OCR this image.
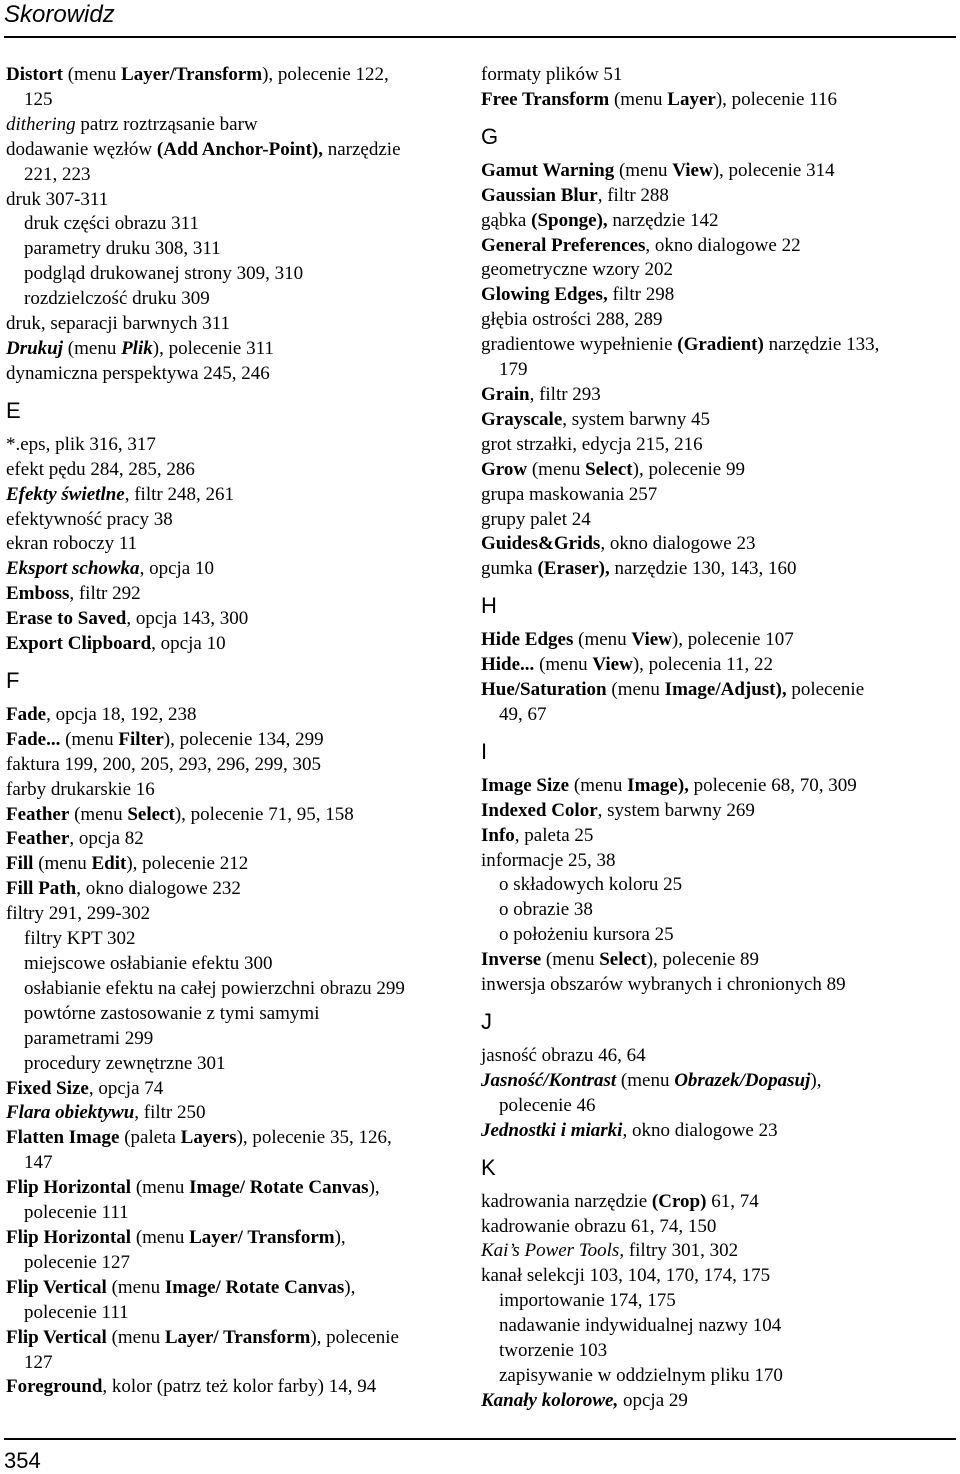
Skorowidz
Distort (menu Layer/Transform), polecenie 122,
125
dithering patrz roztrząsanie barw
dodawanie węzłów (Add Anchor-Point), narzędzie
221, 223
druk 307-311
druk części obrazu 311
parametry druku 308, 311
podgląd drukowanej strony 309, 310
rozdzielczość druku 309
druk, separacji barwnych 311
Drukuj (menu Plik), polecenie 311
dynamiczna perspektywa 245, 246
E
*.eps, plik 316, 317
efekt pędu 284, 285, 286
Efekty świetlne, filtr 248, 261
efektywność pracy 38
ekran roboczy 11
Eksport schowka, opcja 10
Emboss, filtr 292
Erase to Saved, opcja 143, 300
Export Clipboard, opcja 10
F
Fade, opcja 18, 192, 238
Fade... (menu Filter), polecenie 134, 299
faktura 199, 200, 205, 293, 296, 299, 305
farby drukarskie 16
Feather (menu Select), polecenie 71, 95, 158
Feather, opcja 82
Fill (menu Edit), polecenie 212
Fill Path, okno dialogowe 232
filtry 291, 299-302
filtry KPT 302
miejscowe osłabianie efektu 300
osłabianie efektu na całej powierzchni obrazu 299
powtórne zastosowanie z tymi samymi
parametrami 299
procedury zewnętrzne 301
Fixed Size, opcja 74
Flara obiektywu, filtr 250
Flatten Image (paleta Layers), polecenie 35, 126,
147
Flip Horizontal (menu Image/ Rotate Canvas),
polecenie 111
Flip Horizontal (menu Layer/ Transform),
polecenie 127
Flip Vertical (menu Image/ Rotate Canvas),
polecenie 111
Flip Vertical (menu Layer/ Transform), polecenie
127
Foreground, kolor (patrz też kolor farby) 14, 94
formaty plików 51
Free Transform (menu Layer), polecenie 116
G
Gamut Warning (menu View), polecenie 314
Gaussian Blur, filtr 288
gąbka (Sponge), narzędzie 142
General Preferences, okno dialogowe 22
geometryczne wzory 202
Glowing Edges, filtr 298
głębia ostrości 288, 289
gradientowe wypełnienie (Gradient) narzędzie 133,
179
Grain, filtr 293
Grayscale, system barwny 45
grot strzałki, edycja 215, 216
Grow (menu Select), polecenie 99
grupa maskowania 257
grupy palet 24
Guides&Grids, okno dialogowe 23
gumka (Eraser), narzędzie 130, 143, 160
H
Hide Edges (menu View), polecenie 107
Hide... (menu View), polecenia 11, 22
Hue/Saturation (menu Image/Adjust), polecenie
49, 67
I
Image Size (menu Image), polecenie 68, 70, 309
Indexed Color, system barwny 269
Info, paleta 25
informacje 25, 38
o składowych koloru 25
o obrazie 38
o położeniu kursora 25
Inverse (menu Select), polecenie 89
inwersja obszarów wybranych i chronionych 89
J
jasność obrazu 46, 64
Jasność/Kontrast (menu Obrazek/Dopasuj),
polecenie 46
Jednostki i miarki, okno dialogowe 23
K
kadrowania narzędzie (Crop) 61, 74
kadrowanie obrazu 61, 74, 150
Kai’s Power Tools, filtry 301, 302
kanał selekcji 103, 104, 170, 174, 175
importowanie 174, 175
nadawanie indywidualnej nazwy 104
tworzenie 103
zapisywanie w oddzielnym pliku 170
Kanały kolorowe, opcja 29
354
